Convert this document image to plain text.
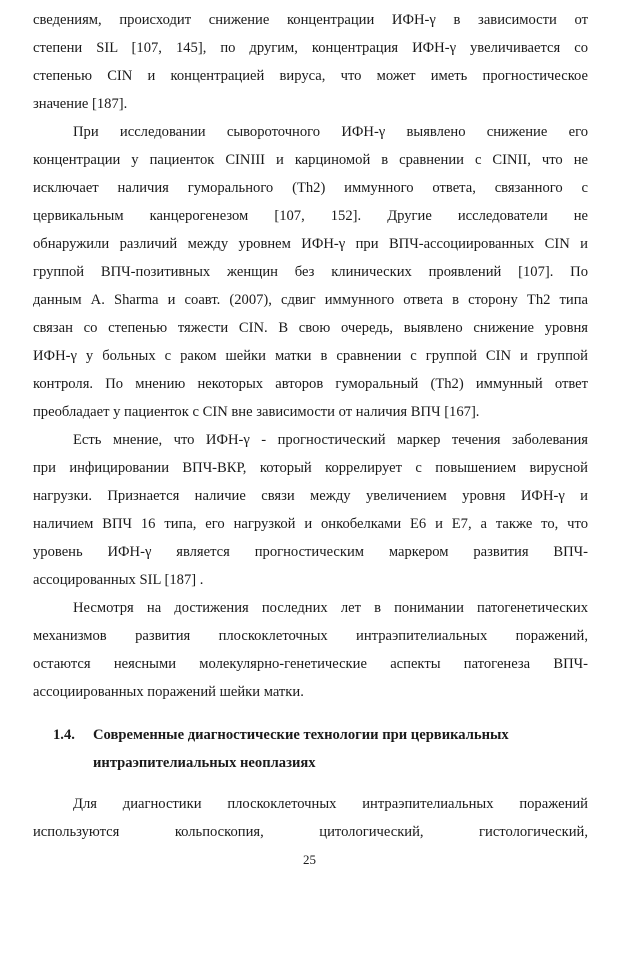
сведениям, происходит снижение концентрации ИФН-γ в зависимости от
степени SIL [107, 145], по другим, концентрация ИФН-γ увеличивается со
степенью CIN и концентрацией вируса, что может иметь прогностическое
значение [187].
При исследовании сывороточного ИФН-γ выявлено снижение его
концентрации у пациенток CINIII и карциномой в сравнении с CINII, что не
исключает наличия гуморального (Th2) иммунного ответа, связанного с
цервикальным канцерогенезом [107, 152]. Другие исследователи не
обнаружили различий между уровнем ИФН-γ при ВПЧ-ассоциированных CIN и
группой ВПЧ-позитивных женщин без клинических проявлений [107]. По
данным A. Sharma и соавт. (2007), сдвиг иммунного ответа в сторону Th2 типа
связан со степенью тяжести CIN. В свою очередь, выявлено снижение уровня
ИФН-γ у больных с раком шейки матки в сравнении с группой CIN и группой
контроля. По мнению некоторых авторов гуморальный (Th2) иммунный ответ
преобладает у пациенток с CIN вне зависимости от наличия ВПЧ [167].
Есть мнение, что ИФН-γ - прогностический маркер течения заболевания
при инфицировании ВПЧ-ВКР, который коррелирует с повышением вирусной
нагрузки. Признается наличие связи между увеличением уровня ИФН-γ и
наличием ВПЧ 16 типа, его нагрузкой и онкобелками Е6 и Е7, а также то, что
уровень ИФН-γ является прогностическим маркером развития ВПЧ-
ассоцированных SIL [187] .
Несмотря на достижения последних лет в понимании патогенетических
механизмов развития плоскоклеточных интраэпителиальных поражений,
остаются неясными молекулярно-генетические аспекты патогенеза ВПЧ-
ассоциированных поражений шейки матки.
1.4. Современные диагностические технологии при цервикальных
интраэпителиальных неоплазиях
Для диагностики плоскоклеточных интраэпителиальных поражений
используются кольпоскопия, цитологический, гистологический,
25
